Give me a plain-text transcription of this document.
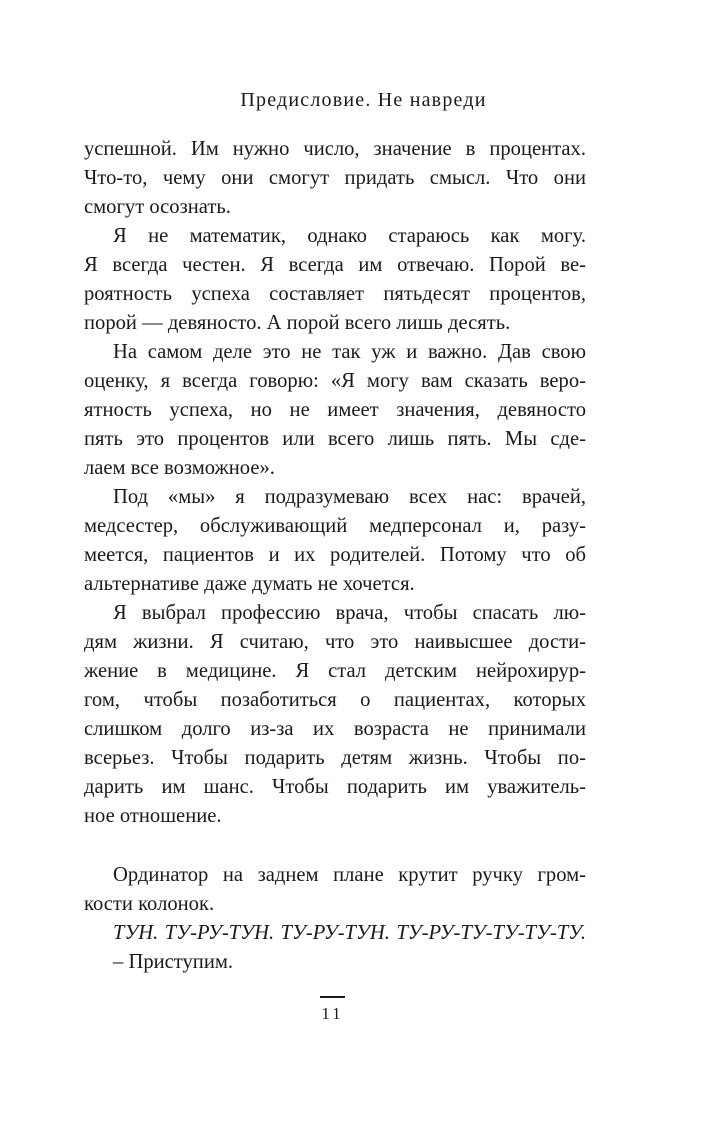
Предисловие. Не навреди
успешной. Им нужно число, значение в процентах.
Что-то, чему они смогут придать смысл. Что они
смогут осознать.
Я не математик, однако стараюсь как могу.
Я всегда честен. Я всегда им отвечаю. Порой ве-
роятность успеха составляет пятьдесят процентов,
порой — девяносто. А порой всего лишь десять.
На самом деле это не так уж и важно. Дав свою
оценку, я всегда говорю: «Я могу вам сказать веро-
ятность успеха, но не имеет значения, девяносто
пять это процентов или всего лишь пять. Мы сде-
лаем все возможное».
Под «мы» я подразумеваю всех нас: врачей,
медсестер, обслуживающий медперсонал и, разу-
меется, пациентов и их родителей. Потому что об
альтернативе даже думать не хочется.
Я выбрал профессию врача, чтобы спасать лю-
дям жизни. Я считаю, что это наивысшее дости-
жение в медицине. Я стал детским нейрохирур-
гом, чтобы позаботиться о пациентах, которых
слишком долго из-за их возраста не принимали
всерьез. Чтобы подарить детям жизнь. Чтобы по-
дарить им шанс. Чтобы подарить им уважитель-
ное отношение.
Ординатор на заднем плане крутит ручку гром-
кости колонок.
ТУН. ТУ-РУ-ТУН. ТУ-РУ-ТУН. ТУ-РУ-ТУ-ТУ-ТУ-ТУ.
– Приступим.
11
